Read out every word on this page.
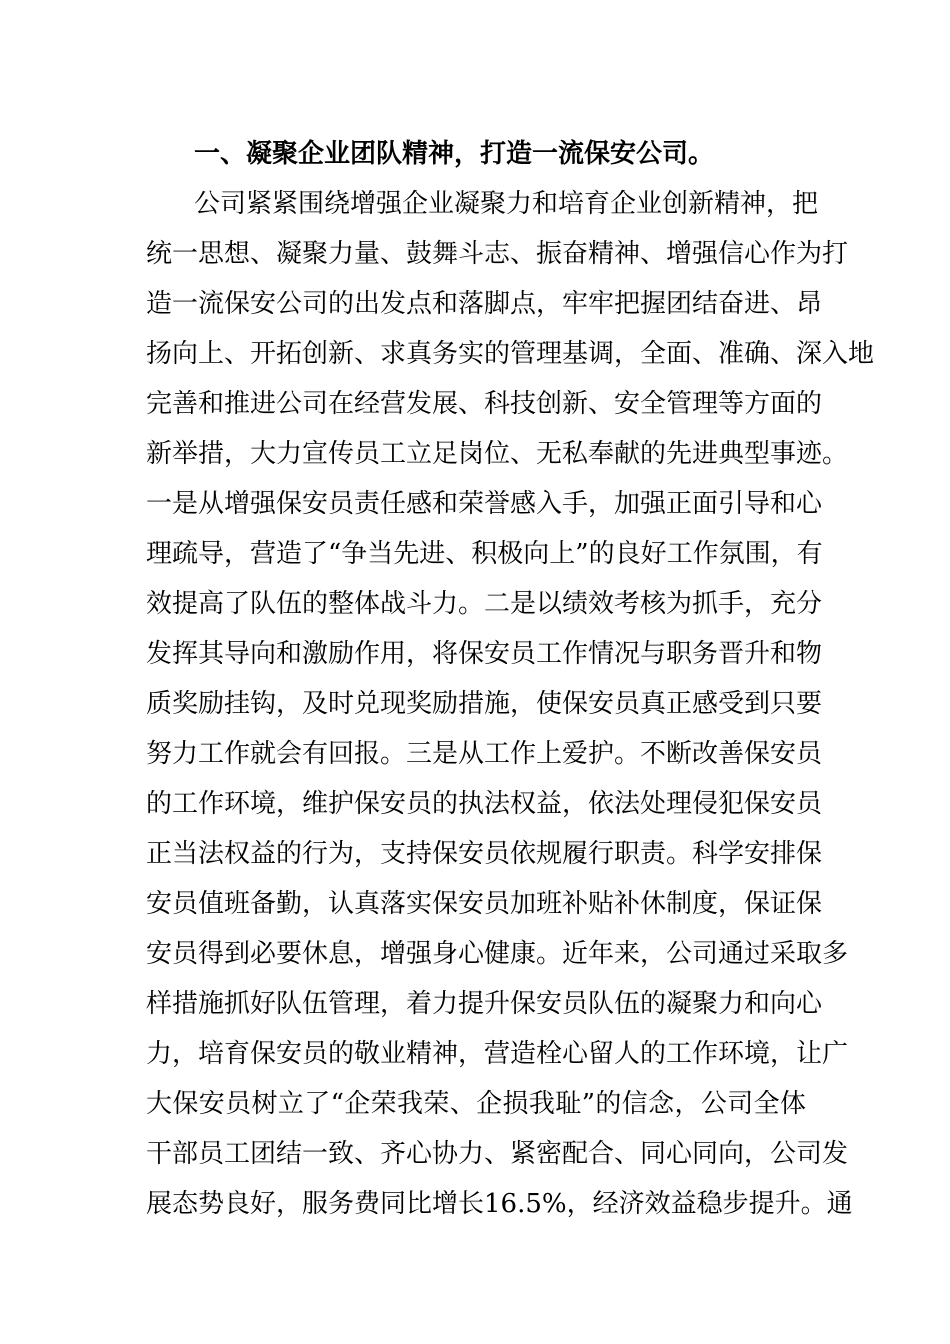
一、凝聚企业团队精神，打造一流保安公司。
公司紧紧围绕增强企业凝聚力和培育企业创新精神，把
统一思想、凝聚力量、鼓舞斗志、振奋精神、增强信心作为打
造一流保安公司的出发点和落脚点，牢牢把握团结奋进、昂
扬向上、开拓创新、求真务实的管理基调，全面、准确、深入地
完善和推进公司在经营发展、科技创新、安全管理等方面的
新举措，大力宣传员工立足岗位、无私奉献的先进典型事迹。
一是从增强保安员责任感和荣誉感入手，加强正面引导和心
理疏导，营造了“争当先进、积极向上”的良好工作氛围，有
效提高了队伍的整体战斗力。二是以绩效考核为抓手，充分
发挥其导向和激励作用，将保安员工作情况与职务晋升和物
质奖励挂钩，及时兑现奖励措施，使保安员真正感受到只要
努力工作就会有回报。三是从工作上爱护。不断改善保安员
的工作环境，维护保安员的执法权益，依法处理侵犯保安员
正当法权益的行为，支持保安员依规履行职责。科学安排保
安员值班备勤，认真落实保安员加班补贴补休制度，保证保
安员得到必要休息，增强身心健康。近年来，公司通过采取多
样措施抓好队伍管理，着力提升保安员队伍的凝聚力和向心
力，培育保安员的敬业精神，营造栓心留人的工作环境，让广
大保安员树立了“企荣我荣、企损我耻”的信念，公司全体
干部员工团结一致、齐心协力、紧密配合、同心同向，公司发
展态势良好，服务费同比增长16.5%，经济效益稳步提升。通
